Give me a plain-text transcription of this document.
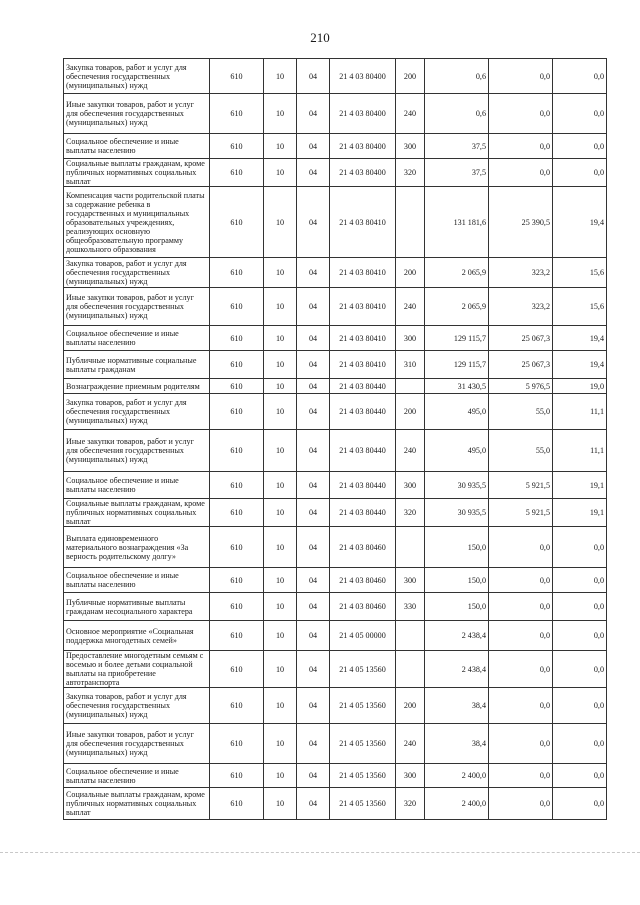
210
Закупка товаров, работ и услуг для обеспечения государственных (муниципальных) нужд	610	10	04	21 4 03 80400	200	0,6	0,0	0,0
Иные закупки товаров, работ и услуг для обеспечения государственных (муниципальных) нужд	610	10	04	21 4 03 80400	240	0,6	0,0	0,0
Социальное обеспечение и иные выплаты населению	610	10	04	21 4 03 80400	300	37,5	0,0	0,0
Социальные выплаты гражданам, кроме публичных нормативных социальных выплат	610	10	04	21 4 03 80400	320	37,5	0,0	0,0
Компенсация части родительской платы за содержание ребенка в государственных и муниципальных образовательных учреждениях, реализующих основную общеобразовательную программу дошкольного образования	610	10	04	21 4 03 80410		131 181,6	25 390,5	19,4
Закупка товаров, работ и услуг для обеспечения государственных (муниципальных) нужд	610	10	04	21 4 03 80410	200	2 065,9	323,2	15,6
Иные закупки товаров, работ и услуг для обеспечения государственных (муниципальных) нужд	610	10	04	21 4 03 80410	240	2 065,9	323,2	15,6
Социальное обеспечение и иные выплаты населению	610	10	04	21 4 03 80410	300	129 115,7	25 067,3	19,4
Публичные нормативные социальные выплаты гражданам	610	10	04	21 4 03 80410	310	129 115,7	25 067,3	19,4
Вознаграждение приемным родителям	610	10	04	21 4 03 80440		31 430,5	5 976,5	19,0
Закупка товаров, работ и услуг для обеспечения государственных (муниципальных) нужд	610	10	04	21 4 03 80440	200	495,0	55,0	11,1
Иные закупки товаров, работ и услуг для обеспечения государственных (муниципальных) нужд	610	10	04	21 4 03 80440	240	495,0	55,0	11,1
Социальное обеспечение и иные выплаты населению	610	10	04	21 4 03 80440	300	30 935,5	5 921,5	19,1
Социальные выплаты гражданам, кроме публичных нормативных социальных выплат	610	10	04	21 4 03 80440	320	30 935,5	5 921,5	19,1
Выплата единовременного материального вознаграждения «За верность родительскому долгу»	610	10	04	21 4 03 80460		150,0	0,0	0,0
Социальное обеспечение и иные выплаты населению	610	10	04	21 4 03 80460	300	150,0	0,0	0,0
Публичные нормативные выплаты гражданам несоциального характера	610	10	04	21 4 03 80460	330	150,0	0,0	0,0
Основное мероприятие «Социальная поддержка многодетных семей»	610	10	04	21 4 05 00000		2 438,4	0,0	0,0
Предоставление многодетным семьям с восемью и более детьми социальной выплаты на приобретение автотранспорта	610	10	04	21 4 05 13560		2 438,4	0,0	0,0
Закупка товаров, работ и услуг для обеспечения государственных (муниципальных) нужд	610	10	04	21 4 05 13560	200	38,4	0,0	0,0
Иные закупки товаров, работ и услуг для обеспечения государственных (муниципальных) нужд	610	10	04	21 4 05 13560	240	38,4	0,0	0,0
Социальное обеспечение и иные выплаты населению	610	10	04	21 4 05 13560	300	2 400,0	0,0	0,0
Социальные выплаты гражданам, кроме публичных нормативных социальных выплат	610	10	04	21 4 05 13560	320	2 400,0	0,0	0,0
